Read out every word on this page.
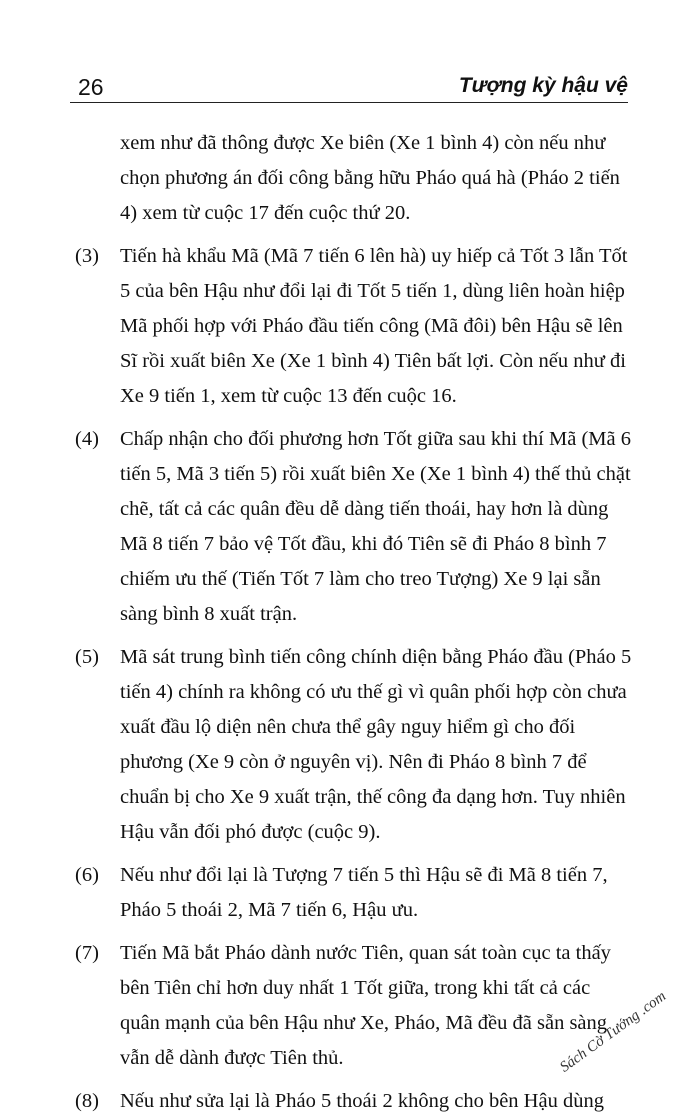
26	Tượng kỳ hậu vệ
xem như đã thông được Xe biên (Xe 1 bình 4) còn nếu như chọn phương án đối công bằng hữu Pháo quá hà (Pháo 2 tiến 4) xem từ cuộc 17 đến cuộc thứ 20.
(3)	Tiến hà khẩu Mã (Mã 7 tiến 6 lên hà) uy hiếp cả Tốt 3 lẫn Tốt 5 của bên Hậu như đổi lại đi Tốt 5 tiến 1, dùng liên hoàn hiệp Mã phối hợp với Pháo đầu tiến công (Mã đôi) bên Hậu sẽ lên Sĩ rồi xuất biên Xe (Xe 1 bình 4) Tiên bất lợi. Còn nếu như đi Xe 9 tiến 1, xem từ cuộc 13 đến cuộc 16.
(4)	Chấp nhận cho đối phương hơn Tốt giữa sau khi thí Mã (Mã 6 tiến 5, Mã 3 tiến 5) rồi xuất biên Xe (Xe 1 bình 4) thế thủ chặt chẽ, tất cả các quân đều dễ dàng tiến thoái, hay hơn là dùng Mã 8 tiến 7 bảo vệ Tốt đầu, khi đó Tiên sẽ đi Pháo 8 bình 7 chiếm ưu thế (Tiến Tốt 7 làm cho treo Tượng) Xe 9 lại sẵn sàng bình 8 xuất trận.
(5)	Mã sát trung bình tiến công chính diện bằng Pháo đầu (Pháo 5 tiến 4) chính ra không có ưu thế gì vì quân phối hợp còn chưa xuất đầu lộ diện nên chưa thể gây nguy hiểm gì cho đối phương (Xe 9 còn ở nguyên vị). Nên đi Pháo 8 bình 7 để chuẩn bị cho Xe 9 xuất trận, thế công đa dạng hơn. Tuy nhiên Hậu vẫn đối phó được (cuộc 9).
(6)	Nếu như đổi lại là Tượng 7 tiến 5 thì Hậu sẽ đi Mã 8 tiến 7, Pháo 5 thoái 2, Mã 7 tiến 6, Hậu ưu.
(7)	Tiến Mã bắt Pháo dành nước Tiên, quan sát toàn cục ta thấy bên Tiên chỉ hơn duy nhất 1 Tốt giữa, trong khi tất cả các quân mạnh của bên Hậu như Xe, Pháo, Mã đều đã sẵn sàng vẫn dễ dành được Tiên thủ.
(8)	Nếu như sửa lại là Pháo 5 thoái 2 không cho bên Hậu dùng
Sách Cờ Tướng .com
